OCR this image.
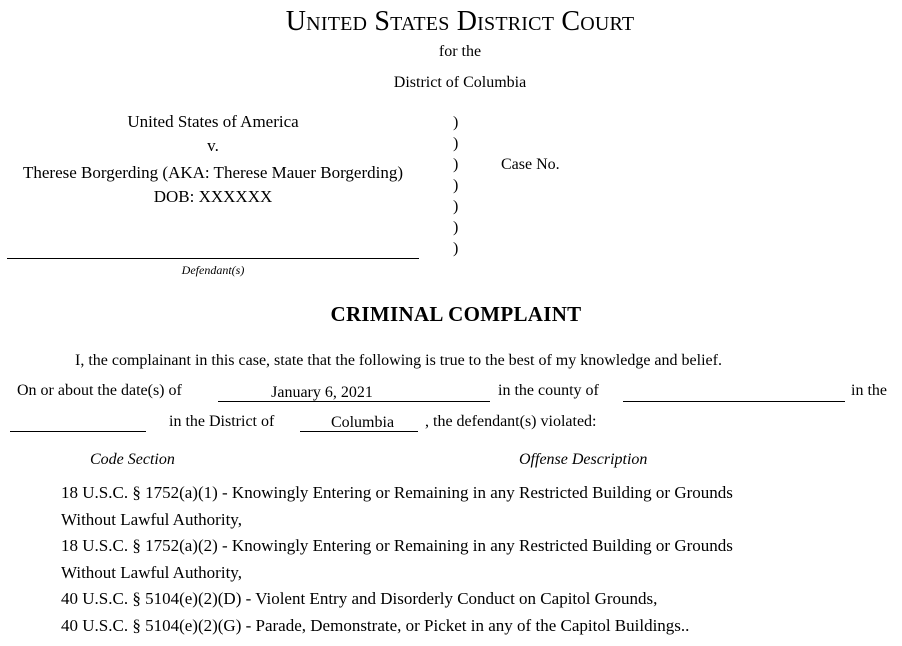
United States District Court
for the
District of Columbia
United States of America
v.
Therese Borgerding (AKA: Therese Mauer Borgerding)
DOB: XXXXXX
Defendant(s)
)
)
)
)
)
)
)
Case No.
CRIMINAL COMPLAINT
I, the complainant in this case, state that the following is true to the best of my knowledge and belief.
On or about the date(s) of	January 6, 2021	in the county of	in the
in the District of	Columbia	, the defendant(s) violated:
Code Section	Offense Description
18 U.S.C. § 1752(a)(1) - Knowingly Entering or Remaining in any Restricted Building or Grounds
Without Lawful Authority,
18 U.S.C. § 1752(a)(2) - Knowingly Entering or Remaining in any Restricted Building or Grounds
Without Lawful Authority,
40 U.S.C. § 5104(e)(2)(D) - Violent Entry and Disorderly Conduct on Capitol Grounds,
40 U.S.C. § 5104(e)(2)(G) - Parade, Demonstrate, or Picket in any of the Capitol Buildings..
